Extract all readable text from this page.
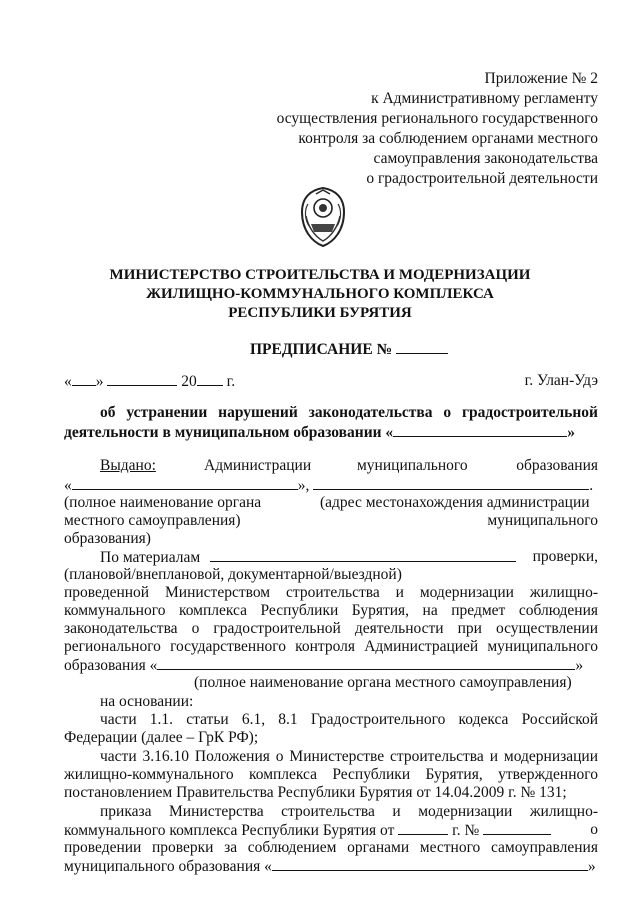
Приложение № 2
к Административному регламенту
осуществления регионального государственного
контроля за соблюдением органами местного
самоуправления законодательства
о градостроительной деятельности
МИНИСТЕРСТВО СТРОИТЕЛЬСТВА И МОДЕРНИЗАЦИИ
ЖИЛИЩНО-КОММУНАЛЬНОГО КОМПЛЕКСА
РЕСПУБЛИКИ БУРЯТИЯ
ПРЕДПИСАНИЕ №
« »	20 г.	г. Улан-Удэ
об устранении нарушений законодательства о градостроительной
деятельности в муниципальном образовании «	»
Выдано:	Администрации	муниципального	образования
«	»,	.
(полное наименование органа	(адрес местонахождения администрации
местного самоуправления)	муниципального
образования)
По материалам	проверки,
(плановой/внеплановой, документарной/выездной)
проведенной Министерством строительства и модернизации жилищно-
коммунального комплекса Республики Бурятия, на предмет соблюдения
законодательства о градостроительной деятельности при осуществлении
регионального государственного контроля Администрацией муниципального
образования «	»
(полное наименование органа местного самоуправления)
на основании:
части 1.1. статьи 6.1, 8.1 Градостроительного кодекса Российской
Федерации (далее – ГрК РФ);
части 3.16.10 Положения о Министерстве строительства и модернизации
жилищно-коммунального комплекса Республики Бурятия, утвержденного
постановлением Правительства Республики Бурятия от 14.04.2009 г. № 131;
приказа Министерства строительства и модернизации жилищно-
коммунального комплекса Республики Бурятия от	г. №	о
проведении проверки за соблюдением органами местного самоуправления
муниципального образования «	»
